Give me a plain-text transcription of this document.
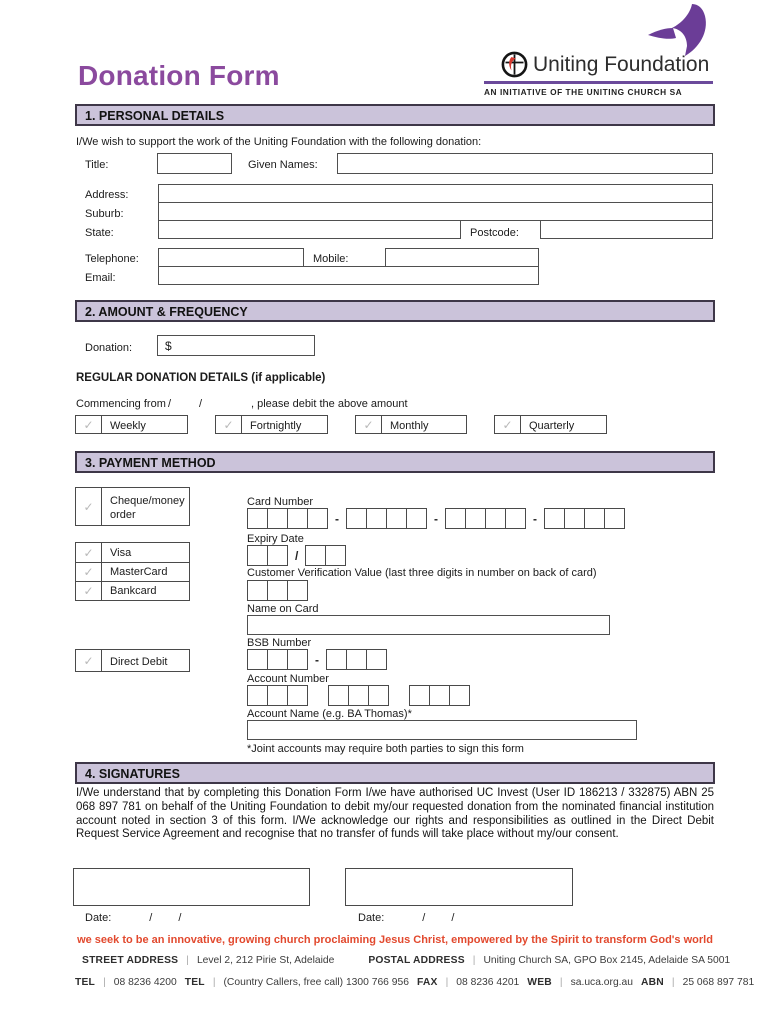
Donation Form	Uniting Foundation
AN INITIATIVE OF THE UNITING CHURCH SA
1. PERSONAL DETAILS
I/We wish to support the work of the Uniting Foundation with the following donation:
Title:	Given Names:
Address:
Suburb:
State:	Postcode:
Telephone:	Mobile:
Email:
2. AMOUNT & FREQUENCY
Donation:	$
REGULAR DONATION DETAILS (if applicable)
Commencing from /	/	, please debit the above amount
✓	Weekly	✓	Fortnightly	✓	Monthly	✓	Quarterly
3. PAYMENT METHOD
✓	Cheque/money order
Card Number
-	-	-
Expiry Date
/
✓	Visa
✓	MasterCard
✓	Bankcard
Customer Verification Value (last three digits in number on back of card)
Name on Card
BSB Number
✓	Direct Debit	-
Account Number
Account Name (e.g. BA Thomas)*
*Joint accounts may require both parties to sign this form
4. SIGNATURES
I/We understand that by completing this Donation Form I/we have authorised UC Invest (User ID 186213 / 332875) ABN 25 068 897 781 on behalf of the Uniting Foundation to debit my/our requested donation from the nominated financial institution account noted in section 3 of this form. I/We acknowledge our rights and responsibilities as outlined in the Direct Debit Request Service Agreement and recognise that no transfer of funds will take place without my/our consent.
Date:	/ /	Date:	/ /
we seek to be an innovative, growing church proclaiming Jesus Christ, empowered by the Spirit to transform God's world
STREET ADDRESS | Level 2, 212 Pirie St, Adelaide	POSTAL ADDRESS | Uniting Church SA, GPO Box 2145, Adelaide SA 5001
TEL | 08 8236 4200 TEL | (Country Callers, free call) 1300 766 956 FAX | 08 8236 4201 WEB | sa.uca.org.au ABN | 25 068 897 781
